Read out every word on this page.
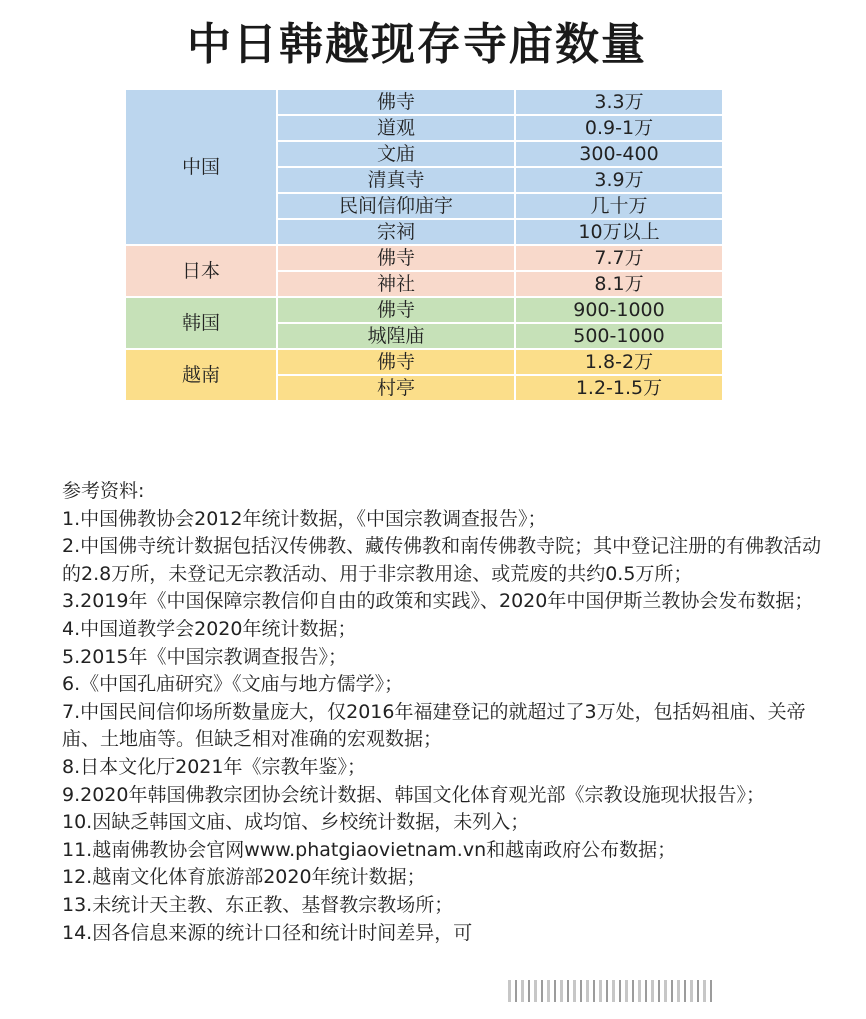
中日韩越现存寺庙数量
中国	佛寺	3.3万
	道观	0.9-1万
	文庙	300-400
	清真寺	3.9万
	民间信仰庙宇	几十万
	宗祠	10万以上
日本	佛寺	7.7万
	神社	8.1万
韩国	佛寺	900-1000
	城隍庙	500-1000
越南	佛寺	1.8-2万
	村亭	1.2-1.5万

参考资料:

1.中国佛教协会2012年统计数据，《中国宗教调查报告》；

2.中国佛寺统计数据包括汉传佛教、藏传佛教和南传佛教寺院；其中登记注册的有佛教活动的2.8万所，未登记无宗教活动、用于非宗教用途、或荒废的共约0.5万所；

3.2019年《中国保障宗教信仰自由的政策和实践》、2020年中国伊斯兰教协会发布数据；

4.中国道教学会2020年统计数据；

5.2015年《中国宗教调查报告》；

6.《中国孔庙研究》《文庙与地方儒学》；

7.中国民间信仰场所数量庞大，仅2016年福建登记的就超过了3万处，包括妈祖庙、关帝庙、土地庙等。但缺乏相对准确的宏观数据；

8.日本文化厅2021年《宗教年鉴》；

9.2020年韩国佛教宗团协会统计数据、韩国文化体育观光部《宗教设施现状报告》；

10.因缺乏韩国文庙、成均馆、乡校统计数据，未列入；

11.越南佛教协会官网www.phatgiaovietnam.vn和越南政府公布数据；

12.越南文化体育旅游部2020年统计数据；

13.未统计天主教、东正教、基督教宗教场所；

14.因各信息来源的统计口径和统计时间差异，可
